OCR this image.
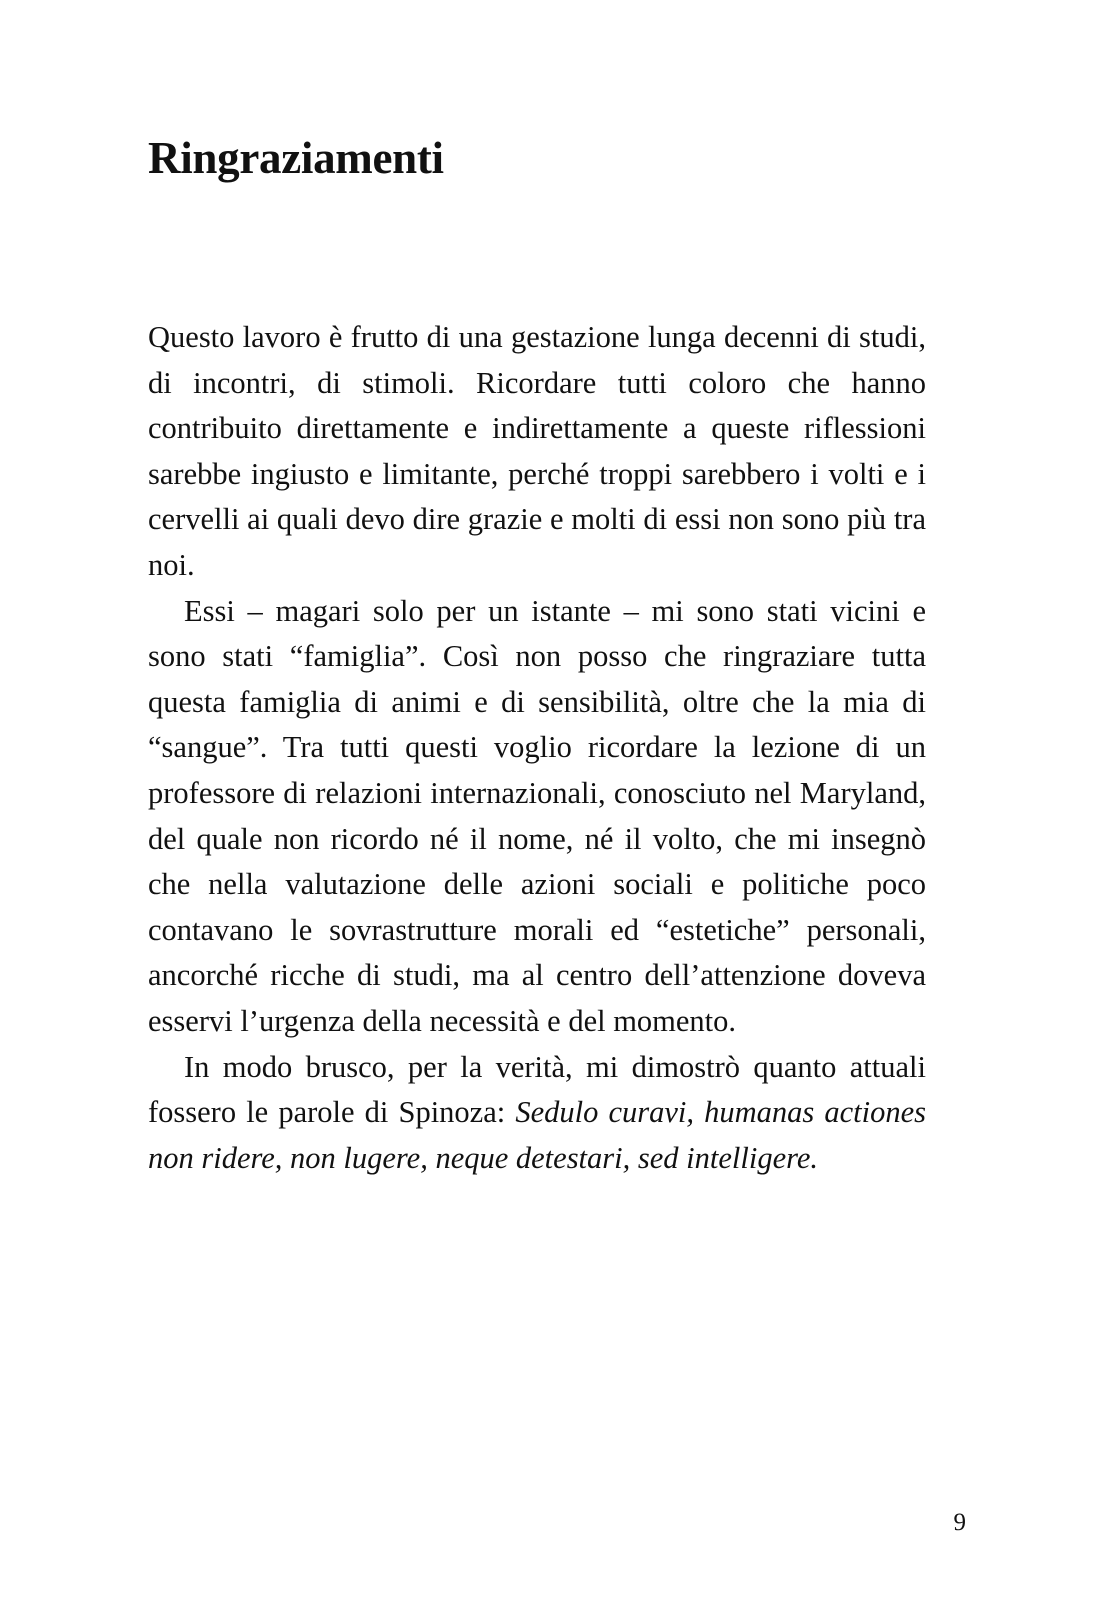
Ringraziamenti

Questo lavoro è frutto di una gestazione lunga decenni di studi, di incontri, di stimoli. Ricordare tutti coloro che hanno contribuito direttamente e indirettamente a queste riflessioni sarebbe ingiusto e limitante, perché troppi sarebbero i volti e i cervelli ai quali devo dire grazie e molti di essi non sono più tra noi.

Essi – magari solo per un istante – mi sono stati vicini e sono stati “famiglia”. Così non posso che ringraziare tutta questa famiglia di animi e di sensibilità, oltre che la mia di “sangue”. Tra tutti questi voglio ricordare la lezione di un professore di relazioni internazionali, conosciuto nel Maryland, del quale non ricordo né il nome, né il volto, che mi insegnò che nella valutazione delle azioni sociali e politiche poco contavano le sovrastrutture morali ed “estetiche” personali, ancorché ricche di studi, ma al centro dell’attenzione doveva esservi l’urgenza della necessità e del momento.

In modo brusco, per la verità, mi dimostrò quanto attuali fossero le parole di Spinoza: Sedulo curavi, humanas actiones non ridere, non lugere, neque detestari, sed intelligere.

9
